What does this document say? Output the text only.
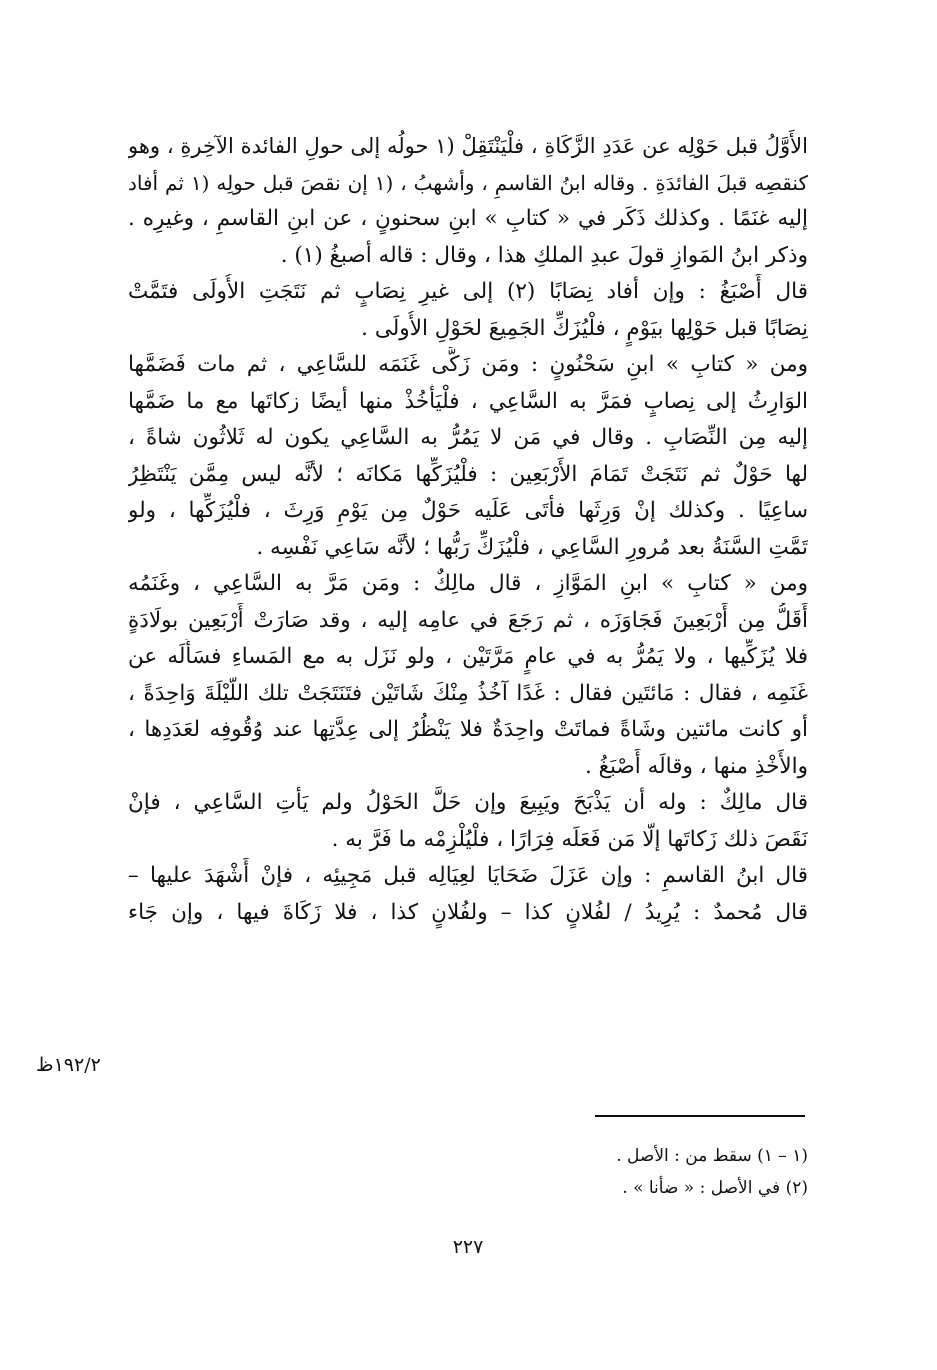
الأَوَّلُ قبل حَوْلِه عن عَدَدِ الزَّكَاةِ ، فلْيَنْتَقِلْ (١ حولُه إلى حولِ الفائدة الآخِرةِ ، وهو
كنقصِه قبلَ الفائدَةِ . وقاله ابنُ القاسمِ ، وأشهبُ ، (١ إن نقصَ قبل حولِه (١ ثم أفاد
إليه غنَمًا . وكذلك ذَكَر في « كتابِ » ابنِ سحنونٍ ، عن ابنِ القاسمِ ، وغيرِه .
وذكر ابنُ المَوازِ قولَ عبدِ الملكِ هذا ، وقال : قاله أصبغُ (١) .
قال أَصْبَغُ : وإن أفاد نِصَابًا (٢) إلى غيرِ نِصَابٍ ثم نَتَجَتِ الأُولَى فتَمَّتْ
نِصَابًا قبل حَوْلِها بيَوْمٍ ، فلْيُزَكِّ الجَمِيعَ لحَوْلِ الأُولَى .
ومن « كتابِ » ابنِ سَحْنُونٍ : ومَن زَكَّى غَنَمَه للسَّاعِي ، ثم مات فَضَمَّها
الوَارِثُ إلى نِصابٍ فمَرَّ به السَّاعِي ، فلْيَأْخُذْ منها أيضًا زكاتَها مع ما ضَمَّها
إليه مِن النِّصَابِ . وقال في مَن لا يَمُرُّ به السَّاعِي يكون له ثَلاثُون شاةً ،
لها حَوْلٌ ثم نَتَجَتْ تَمَامَ الأَرْبَعِين : فلْيُزَكِّها مَكانَه ؛ لأنَّه ليس مِمَّن يَنْتَظِرُ
ساعِيًا . وكذلك إنْ وَرِثَها فأتَى عَلَيه حَوْلٌ مِن يَوْمِ وَرِثَ ، فلْيُزَكِّها ، ولو
تَمَّتِ السَّنَةُ بعد مُرورِ السَّاعِي ، فلْيُزَكِّ رَبُّها ؛ لأنَّه سَاعِي نَفْسِه .
ومن « كتابِ » ابنِ المَوَّازِ ، قال مالِكٌ : ومَن مَرَّ به السَّاعِي ، وغَنَمُه
أَقَلُّ مِن أَرْبَعِينَ فَجَاوَزَه ، ثم رَجَعَ في عامِه إليه ، وقد صَارَتْ أَرْبَعِين بولَادَةٍ
فلا يُزَكِّيها ، ولا يَمُرُّ به في عامٍ مَرَّتَيْن ، ولو نَزَل به مع المَساءِ فسَأَلَه عن
غَنَمِه ، فقال : مَائتَين فقال : غَدًا آخُذُ مِنْكَ شَاتَيْن فتَنَتَجَتْ تلك اللَّيْلَةَ وَاحِدَةً ،
أو كانت مائتين وشَاةً فماتَتْ واحِدَةٌ فلا يَنْظُرُ إلى عِدَّتِها عند وُقُوفِه لعَدَدِها ،
والأَخْذِ منها ، وقالَه أَصْبَغُ .
قال مالِكٌ : وله أن يَذْبَحَ ويَبِيعَ وإن حَلَّ الحَوْلُ ولم يَأْتِ السَّاعِي ، فإنْ
نَقَصَ ذلك زَكاتَها إلَّا مَن فَعَلَه فِرَارًا ، فلْيُلْزِمْه ما فَرَّ به .
قال ابنُ القاسمِ : وإن عَزَلَ ضَحَايَا لعِيَالِه قبل مَجِيئِه ، فإنْ أَشْهَدَ عليها –
قال مُحمدٌ : يُرِيدُ / لفُلانٍ كذا – ولفُلانٍ كذا ، فلا زَكَاةَ فيها ، وإن جَاء
١٩٢/٢ظ
(١ – ١) سقط من : الأصل .
(٢) في الأصل : « ضأنا » .
٢٢٧
